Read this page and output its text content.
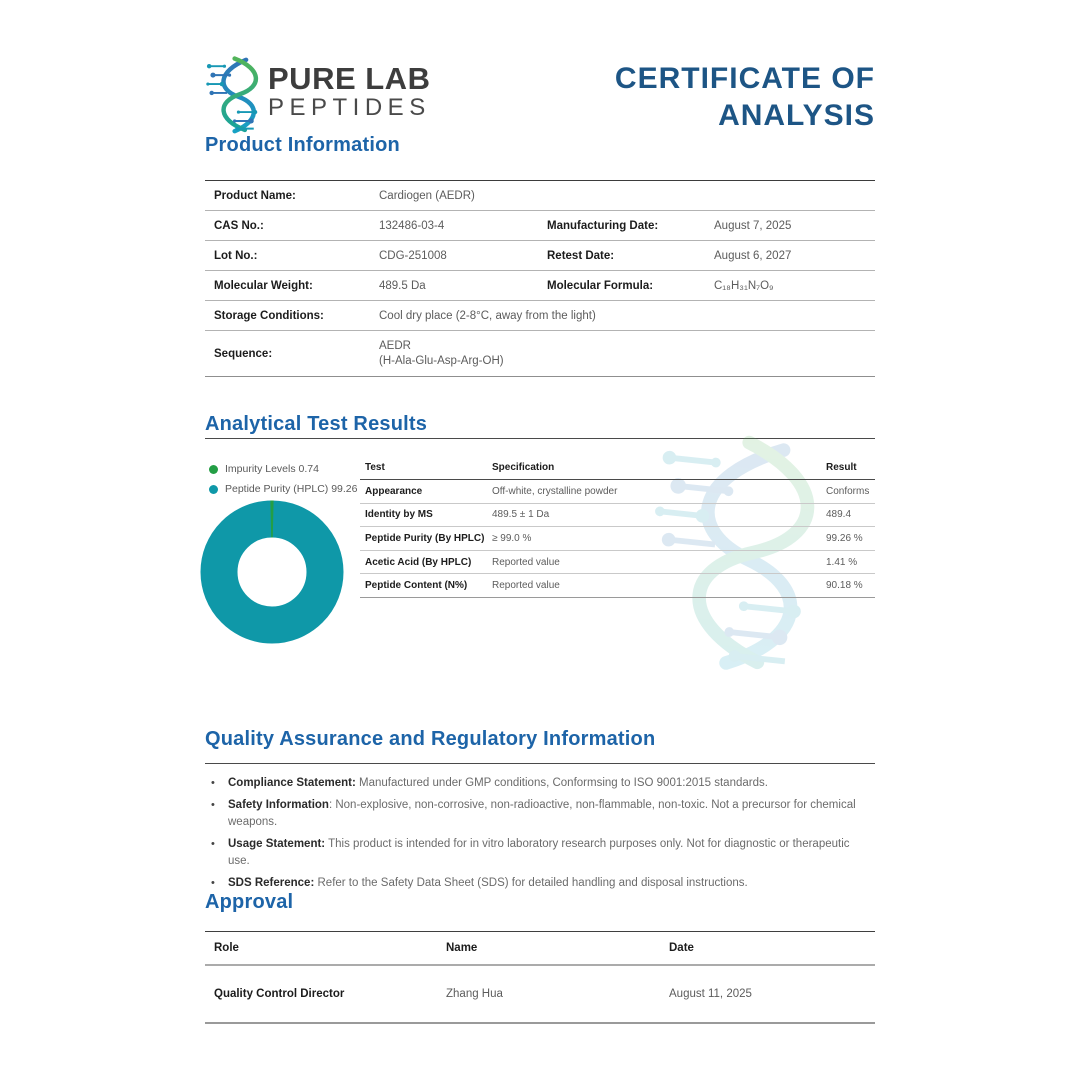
PURE LAB
PEPTIDES
CERTIFICATE OF
ANALYSIS
Product Information
Product Name:	Cardiogen (AEDR)
CAS No.:	132486-03-4	Manufacturing Date:	August 7, 2025
Lot No.:	CDG-251008	Retest Date:	August 6, 2027
Molecular Weight:	489.5 Da	Molecular Formula:	C₁₈H₃₁N₇O₉
Storage Conditions:	Cool dry place (2-8°C, away from the light)
Sequence:
AEDR
(H-Ala-Glu-Asp-Arg-OH)
Analytical Test Results
Impurity Levels 0.74
Peptide Purity (HPLC) 99.26
Test	Specification	Result
Appearance	Off-white, crystalline powder	Conforms
Identity by MS	489.5 ± 1 Da	489.4
Peptide Purity (By HPLC) ≥ 99.0 %	99.26 %
Acetic Acid (By HPLC)	Reported value	1.41 %
Peptide Content (N%)	Reported value	90.18 %
Quality Assurance and Regulatory Information
•	Compliance Statement: Manufactured under GMP conditions, Conformsing to ISO 9001:2015 standards.
•	Safety Information: Non-explosive, non-corrosive, non-radioactive, non-flammable, non-toxic. Not a precursor for chemical weapons.
•	Usage Statement: This product is intended for in vitro laboratory research purposes only. Not for diagnostic or therapeutic use.
•	SDS Reference: Refer to the Safety Data Sheet (SDS) for detailed handling and disposal instructions.
Approval
Role	Name	Date
Quality Control Director	Zhang Hua	August 11, 2025
